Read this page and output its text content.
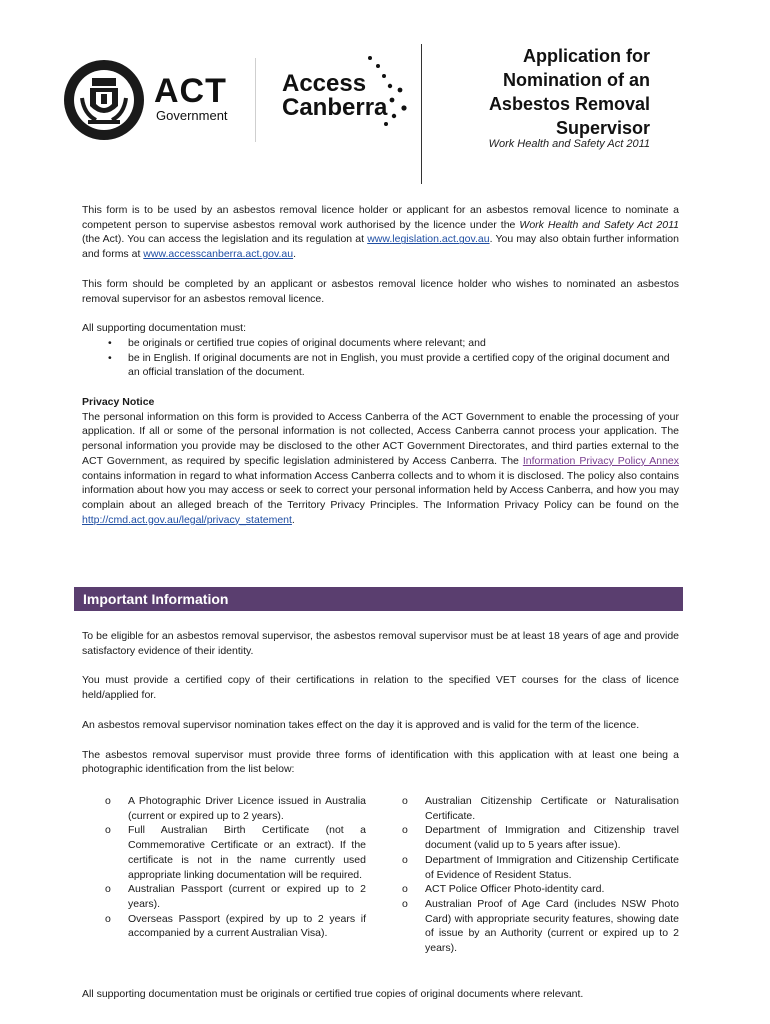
ACT
Government
Access
Canberra
Application for
Nomination of an
Asbestos Removal
Supervisor
Work Health and Safety Act 2011

This form is to be used by an asbestos removal licence holder or applicant for an asbestos removal licence to nominate a competent person to supervise asbestos removal work authorised by the licence under the Work Health and Safety Act 2011 (the Act). You can access the legislation and its regulation at www.legislation.act.gov.au. You may also obtain further information and forms at www.accesscanberra.act.gov.au.

This form should be completed by an applicant or asbestos removal licence holder who wishes to nominated an asbestos removal supervisor for an asbestos removal licence.

All supporting documentation must:

• be originals or certified true copies of original documents where relevant; and
• be in English. If original documents are not in English, you must provide a certified copy of the original document and an official translation of the document.

Privacy Notice

The personal information on this form is provided to Access Canberra of the ACT Government to enable the processing of your application. If all or some of the personal information is not collected, Access Canberra cannot process your application. The personal information you provide may be disclosed to the other ACT Government Directorates, and third parties external to the ACT Government, as required by specific legislation administered by Access Canberra. The Information Privacy Policy Annex contains information in regard to what information Access Canberra collects and to whom it is disclosed. The policy also contains information about how you may access or seek to correct your personal information held by Access Canberra, and how you may complain about an alleged breach of the Territory Privacy Principles. The Information Privacy Policy can be found on the http://cmd.act.gov.au/legal/privacy_statement.

Important Information

To be eligible for an asbestos removal supervisor, the asbestos removal supervisor must be at least 18 years of age and provide satisfactory evidence of their identity.

You must provide a certified copy of their certifications in relation to the specified VET courses for the class of licence held/applied for.

An asbestos removal supervisor nomination takes effect on the day it is approved and is valid for the term of the licence.

The asbestos removal supervisor must provide three forms of identification with this application with at least one being a photographic identification from the list below:

o A Photographic Driver Licence issued in Australia (current or expired up to 2 years).
o Full Australian Birth Certificate (not a Commemorative Certificate or an extract). If the certificate is not in the name currently used appropriate linking documentation will be required.
o Australian Passport (current or expired up to 2 years).
o Overseas Passport (expired by up to 2 years if accompanied by a current Australian Visa).
o Australian Citizenship Certificate or Naturalisation Certificate.
o Department of Immigration and Citizenship travel document (valid up to 5 years after issue).
o Department of Immigration and Citizenship Certificate of Evidence of Resident Status.
o ACT Police Officer Photo-identity card.
o Australian Proof of Age Card (includes NSW Photo Card) with appropriate security features, showing date of issue by an Authority (current or expired up to 2 years).
All supporting documentation must be originals or certified true copies of original documents where relevant.
